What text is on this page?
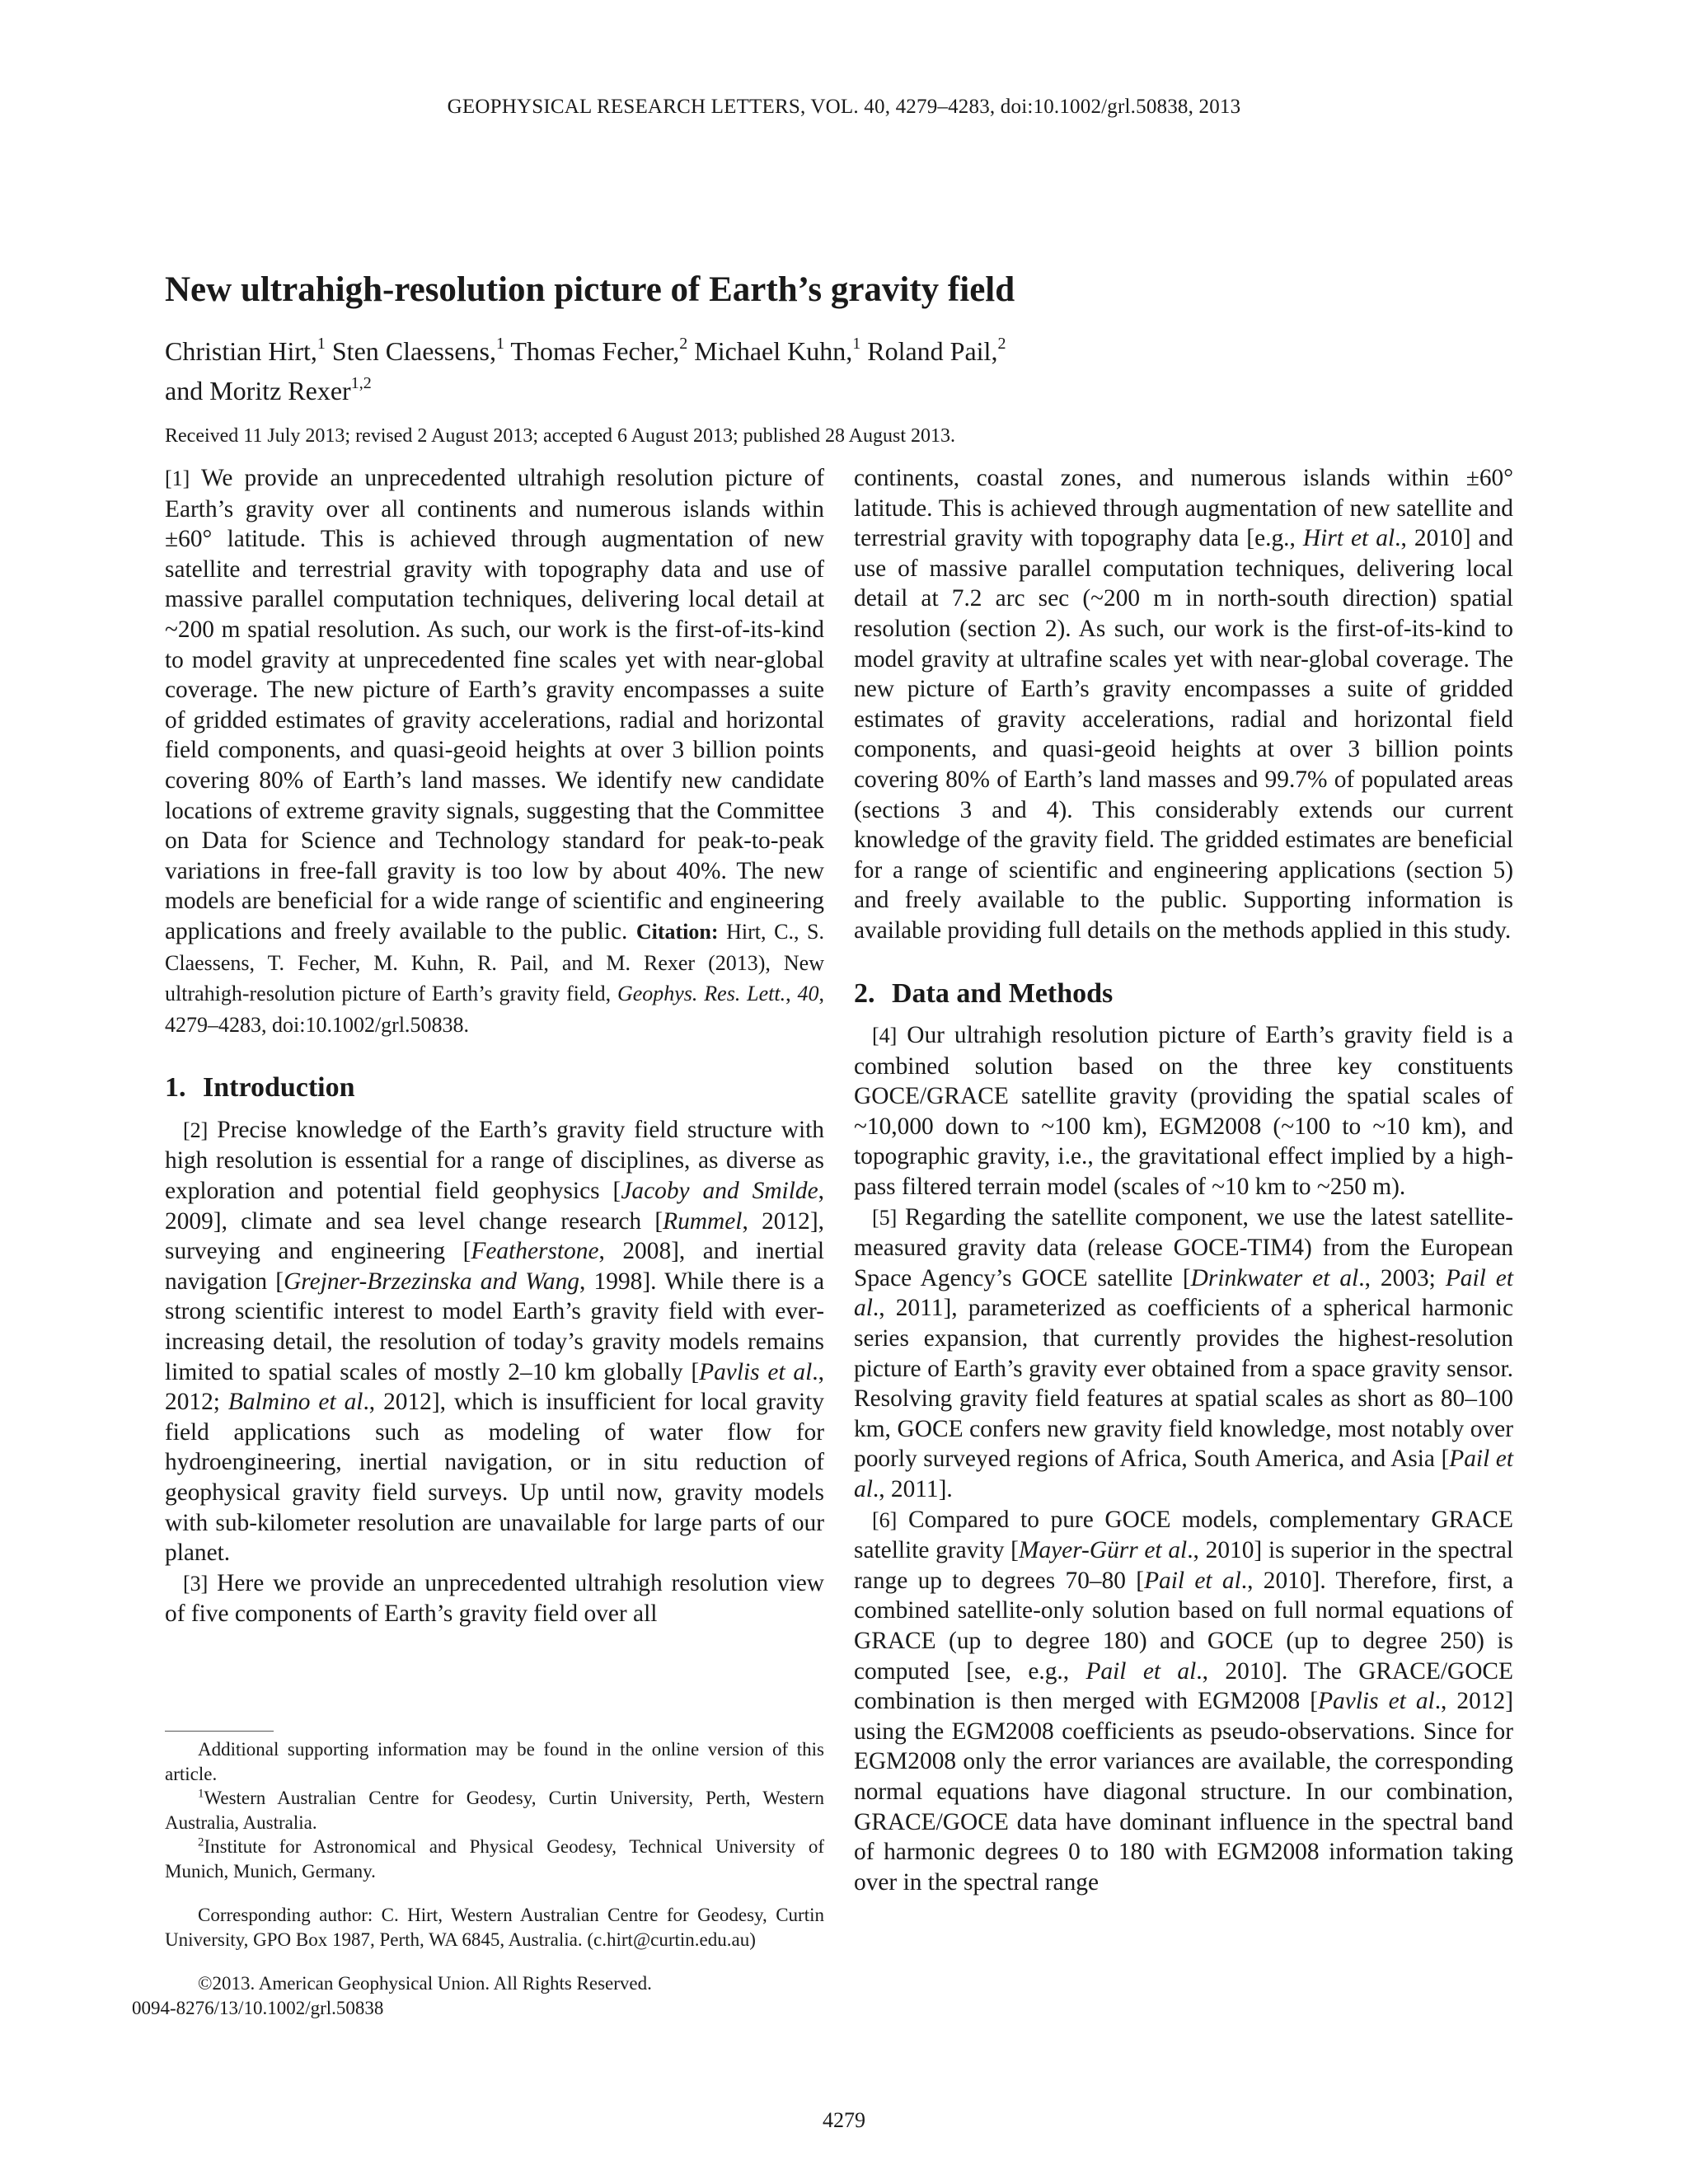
GEOPHYSICAL RESEARCH LETTERS, VOL. 40, 4279–4283, doi:10.1002/grl.50838, 2013
New ultrahigh-resolution picture of Earth’s gravity field
Christian Hirt,$^1$ Sten Claessens,$^1$ Thomas Fecher,$^2$ Michael Kuhn,$^1$ Roland Pail,$^2$
and Moritz Rexer$^{1,2}$
Received 11 July 2013; revised 2 August 2013; accepted 6 August 2013; published 28 August 2013.

[1] We provide an unprecedented ultrahigh resolution picture of Earth’s gravity over all continents and numerous islands within ±60° latitude. This is achieved through augmentation of new satellite and terrestrial gravity with topography data and use of massive parallel computation techniques, delivering local detail at ~200 m spatial resolution. As such, our work is the first-of-its-kind to model gravity at unprecedented fine scales yet with near-global coverage. The new picture of Earth’s gravity encompasses a suite of gridded estimates of gravity accelerations, radial and horizontal field components, and quasi-geoid heights at over 3 billion points covering 80% of Earth’s land masses. We identify new candidate locations of extreme gravity signals, suggesting that the Committee on Data for Science and Technology standard for peak-to-peak variations in free-fall gravity is too low by about 40%. The new models are beneficial for a wide range of scientific and engineering applications and freely available to the public. Citation: Hirt, C., S. Claessens, T. Fecher, M. Kuhn, R. Pail, and M. Rexer (2013), New ultrahigh-resolution picture of Earth’s gravity field, Geophys. Res. Lett., 40, 4279–4283, doi:10.1002/grl.50838.

1. Introduction

[2] Precise knowledge of the Earth’s gravity field structure with high resolution is essential for a range of disciplines, as diverse as exploration and potential field geophysics [Jacoby and Smilde, 2009], climate and sea level change research [Rummel, 2012], surveying and engineering [Featherstone, 2008], and inertial navigation [Grejner-Brzezinska and Wang, 1998]. While there is a strong scientific interest to model Earth’s gravity field with ever-increasing detail, the resolution of today’s gravity models remains limited to spatial scales of mostly 2–10 km globally [Pavlis et al., 2012; Balmino et al., 2012], which is insufficient for local gravity field applications such as modeling of water flow for hydroengineering, inertial navigation, or in situ reduction of geophysical gravity field surveys. Up until now, gravity models with sub-kilometer resolution are unavailable for large parts of our planet.

[3] Here we provide an unprecedented ultrahigh resolution view of five components of Earth’s gravity field over all

Additional supporting information may be found in the online version of this article.

$^1$Western Australian Centre for Geodesy, Curtin University, Perth, Western Australia, Australia.

$^2$Institute for Astronomical and Physical Geodesy, Technical University of Munich, Munich, Germany.

Corresponding author: C. Hirt, Western Australian Centre for Geodesy, Curtin University, GPO Box 1987, Perth, WA 6845, Australia. (c.hirt@curtin.edu.au)

©2013. American Geophysical Union. All Rights Reserved.
0094-8276/13/10.1002/grl.50838

continents, coastal zones, and numerous islands within ±60° latitude. This is achieved through augmentation of new satellite and terrestrial gravity with topography data [e.g., Hirt et al., 2010] and use of massive parallel computation techniques, delivering local detail at 7.2 arc sec (~200 m in north-south direction) spatial resolution (section 2). As such, our work is the first-of-its-kind to model gravity at ultrafine scales yet with near-global coverage. The new picture of Earth’s gravity encompasses a suite of gridded estimates of gravity accelerations, radial and horizontal field components, and quasi-geoid heights at over 3 billion points covering 80% of Earth’s land masses and 99.7% of populated areas (sections 3 and 4). This considerably extends our current knowledge of the gravity field. The gridded estimates are beneficial for a range of scientific and engineering applications (section 5) and freely available to the public. Supporting information is available providing full details on the methods applied in this study.

2. Data and Methods

[4] Our ultrahigh resolution picture of Earth’s gravity field is a combined solution based on the three key constituents GOCE/GRACE satellite gravity (providing the spatial scales of ~10,000 down to ~100 km), EGM2008 (~100 to ~10 km), and topographic gravity, i.e., the gravitational effect implied by a high-pass filtered terrain model (scales of ~10 km to ~250 m).

[5] Regarding the satellite component, we use the latest satellite-measured gravity data (release GOCE-TIM4) from the European Space Agency’s GOCE satellite [Drinkwater et al., 2003; Pail et al., 2011], parameterized as coefficients of a spherical harmonic series expansion, that currently provides the highest-resolution picture of Earth’s gravity ever obtained from a space gravity sensor. Resolving gravity field features at spatial scales as short as 80–100 km, GOCE confers new gravity field knowledge, most notably over poorly surveyed regions of Africa, South America, and Asia [Pail et al., 2011].

[6] Compared to pure GOCE models, complementary GRACE satellite gravity [Mayer-Gürr et al., 2010] is superior in the spectral range up to degrees 70–80 [Pail et al., 2010]. Therefore, first, a combined satellite-only solution based on full normal equations of GRACE (up to degree 180) and GOCE (up to degree 250) is computed [see, e.g., Pail et al., 2010]. The GRACE/GOCE combination is then merged with EGM2008 [Pavlis et al., 2012] using the EGM2008 coefficients as pseudo-observations. Since for EGM2008 only the error variances are available, the corresponding normal equations have diagonal structure. In our combination, GRACE/GOCE data have dominant influence in the spectral band of harmonic degrees 0 to 180 with EGM2008 information taking over in the spectral range

4279
